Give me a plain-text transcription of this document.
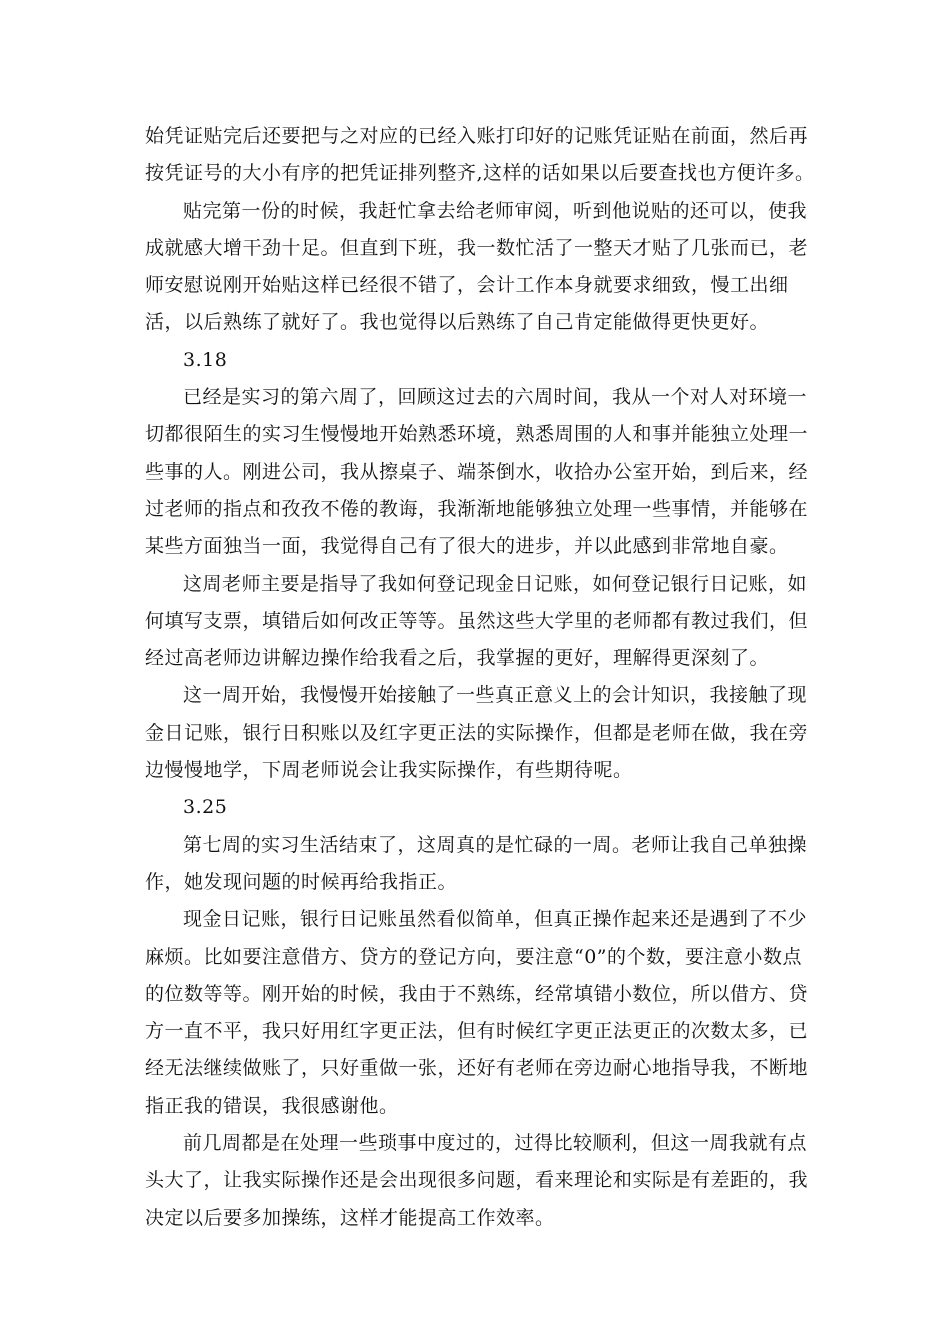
始凭证贴完后还要把与之对应的已经入账打印好的记账凭证贴在前面，然后再
按凭证号的大小有序的把凭证排列整齐,这样的话如果以后要查找也方便许多。
贴完第一份的时候，我赶忙拿去给老师审阅，听到他说贴的还可以，使我
成就感大增干劲十足。但直到下班，我一数忙活了一整天才贴了几张而已，老
师安慰说刚开始贴这样已经很不错了，会计工作本身就要求细致，慢工出细
活，以后熟练了就好了。我也觉得以后熟练了自己肯定能做得更快更好。
3.18
已经是实习的第六周了，回顾这过去的六周时间，我从一个对人对环境一
切都很陌生的实习生慢慢地开始熟悉环境，熟悉周围的人和事并能独立处理一
些事的人。刚进公司，我从擦桌子、端茶倒水，收拾办公室开始，到后来，经
过老师的指点和孜孜不倦的教诲，我渐渐地能够独立处理一些事情，并能够在
某些方面独当一面，我觉得自己有了很大的进步，并以此感到非常地自豪。
这周老师主要是指导了我如何登记现金日记账，如何登记银行日记账，如
何填写支票，填错后如何改正等等。虽然这些大学里的老师都有教过我们，但
经过高老师边讲解边操作给我看之后，我掌握的更好，理解得更深刻了。
这一周开始，我慢慢开始接触了一些真正意义上的会计知识，我接触了现
金日记账，银行日积账以及红字更正法的实际操作，但都是老师在做，我在旁
边慢慢地学，下周老师说会让我实际操作，有些期待呢。
3.25
第七周的实习生活结束了，这周真的是忙碌的一周。老师让我自己单独操
作，她发现问题的时候再给我指正。
现金日记账，银行日记账虽然看似简单，但真正操作起来还是遇到了不少
麻烦。比如要注意借方、贷方的登记方向，要注意“0”的个数，要注意小数点
的位数等等。刚开始的时候，我由于不熟练，经常填错小数位，所以借方、贷
方一直不平，我只好用红字更正法，但有时候红字更正法更正的次数太多，已
经无法继续做账了，只好重做一张，还好有老师在旁边耐心地指导我，不断地
指正我的错误，我很感谢他。
前几周都是在处理一些琐事中度过的，过得比较顺利，但这一周我就有点
头大了，让我实际操作还是会出现很多问题，看来理论和实际是有差距的，我
决定以后要多加操练，这样才能提高工作效率。
